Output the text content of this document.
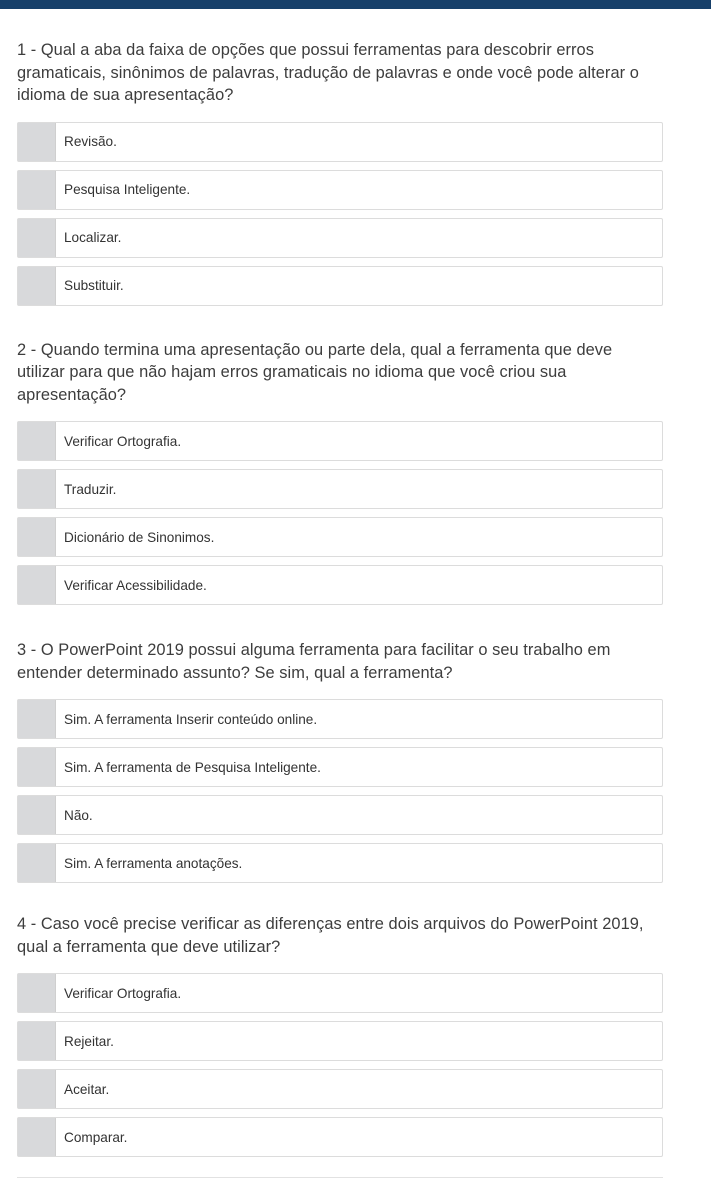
1 - Qual a aba da faixa de opções que possui ferramentas para descobrir erros gramaticais, sinônimos de palavras, tradução de palavras e onde você pode alterar o idioma de sua apresentação?

Revisão.
Pesquisa Inteligente.
Localizar.
Substituir.

2 - Quando termina uma apresentação ou parte dela, qual a ferramenta que deve utilizar para que não hajam erros gramaticais no idioma que você criou sua apresentação?

Verificar Ortografia.
Traduzir.
Dicionário de Sinonimos.
Verificar Acessibilidade.

3 - O PowerPoint 2019 possui alguma ferramenta para facilitar o seu trabalho em entender determinado assunto? Se sim, qual a ferramenta?

Sim. A ferramenta Inserir conteúdo online.
Sim. A ferramenta de Pesquisa Inteligente.
Não.
Sim. A ferramenta anotações.

4 - Caso você precise verificar as diferenças entre dois arquivos do PowerPoint 2019, qual a ferramenta que deve utilizar?

Verificar Ortografia.
Rejeitar.
Aceitar.
Comparar.
